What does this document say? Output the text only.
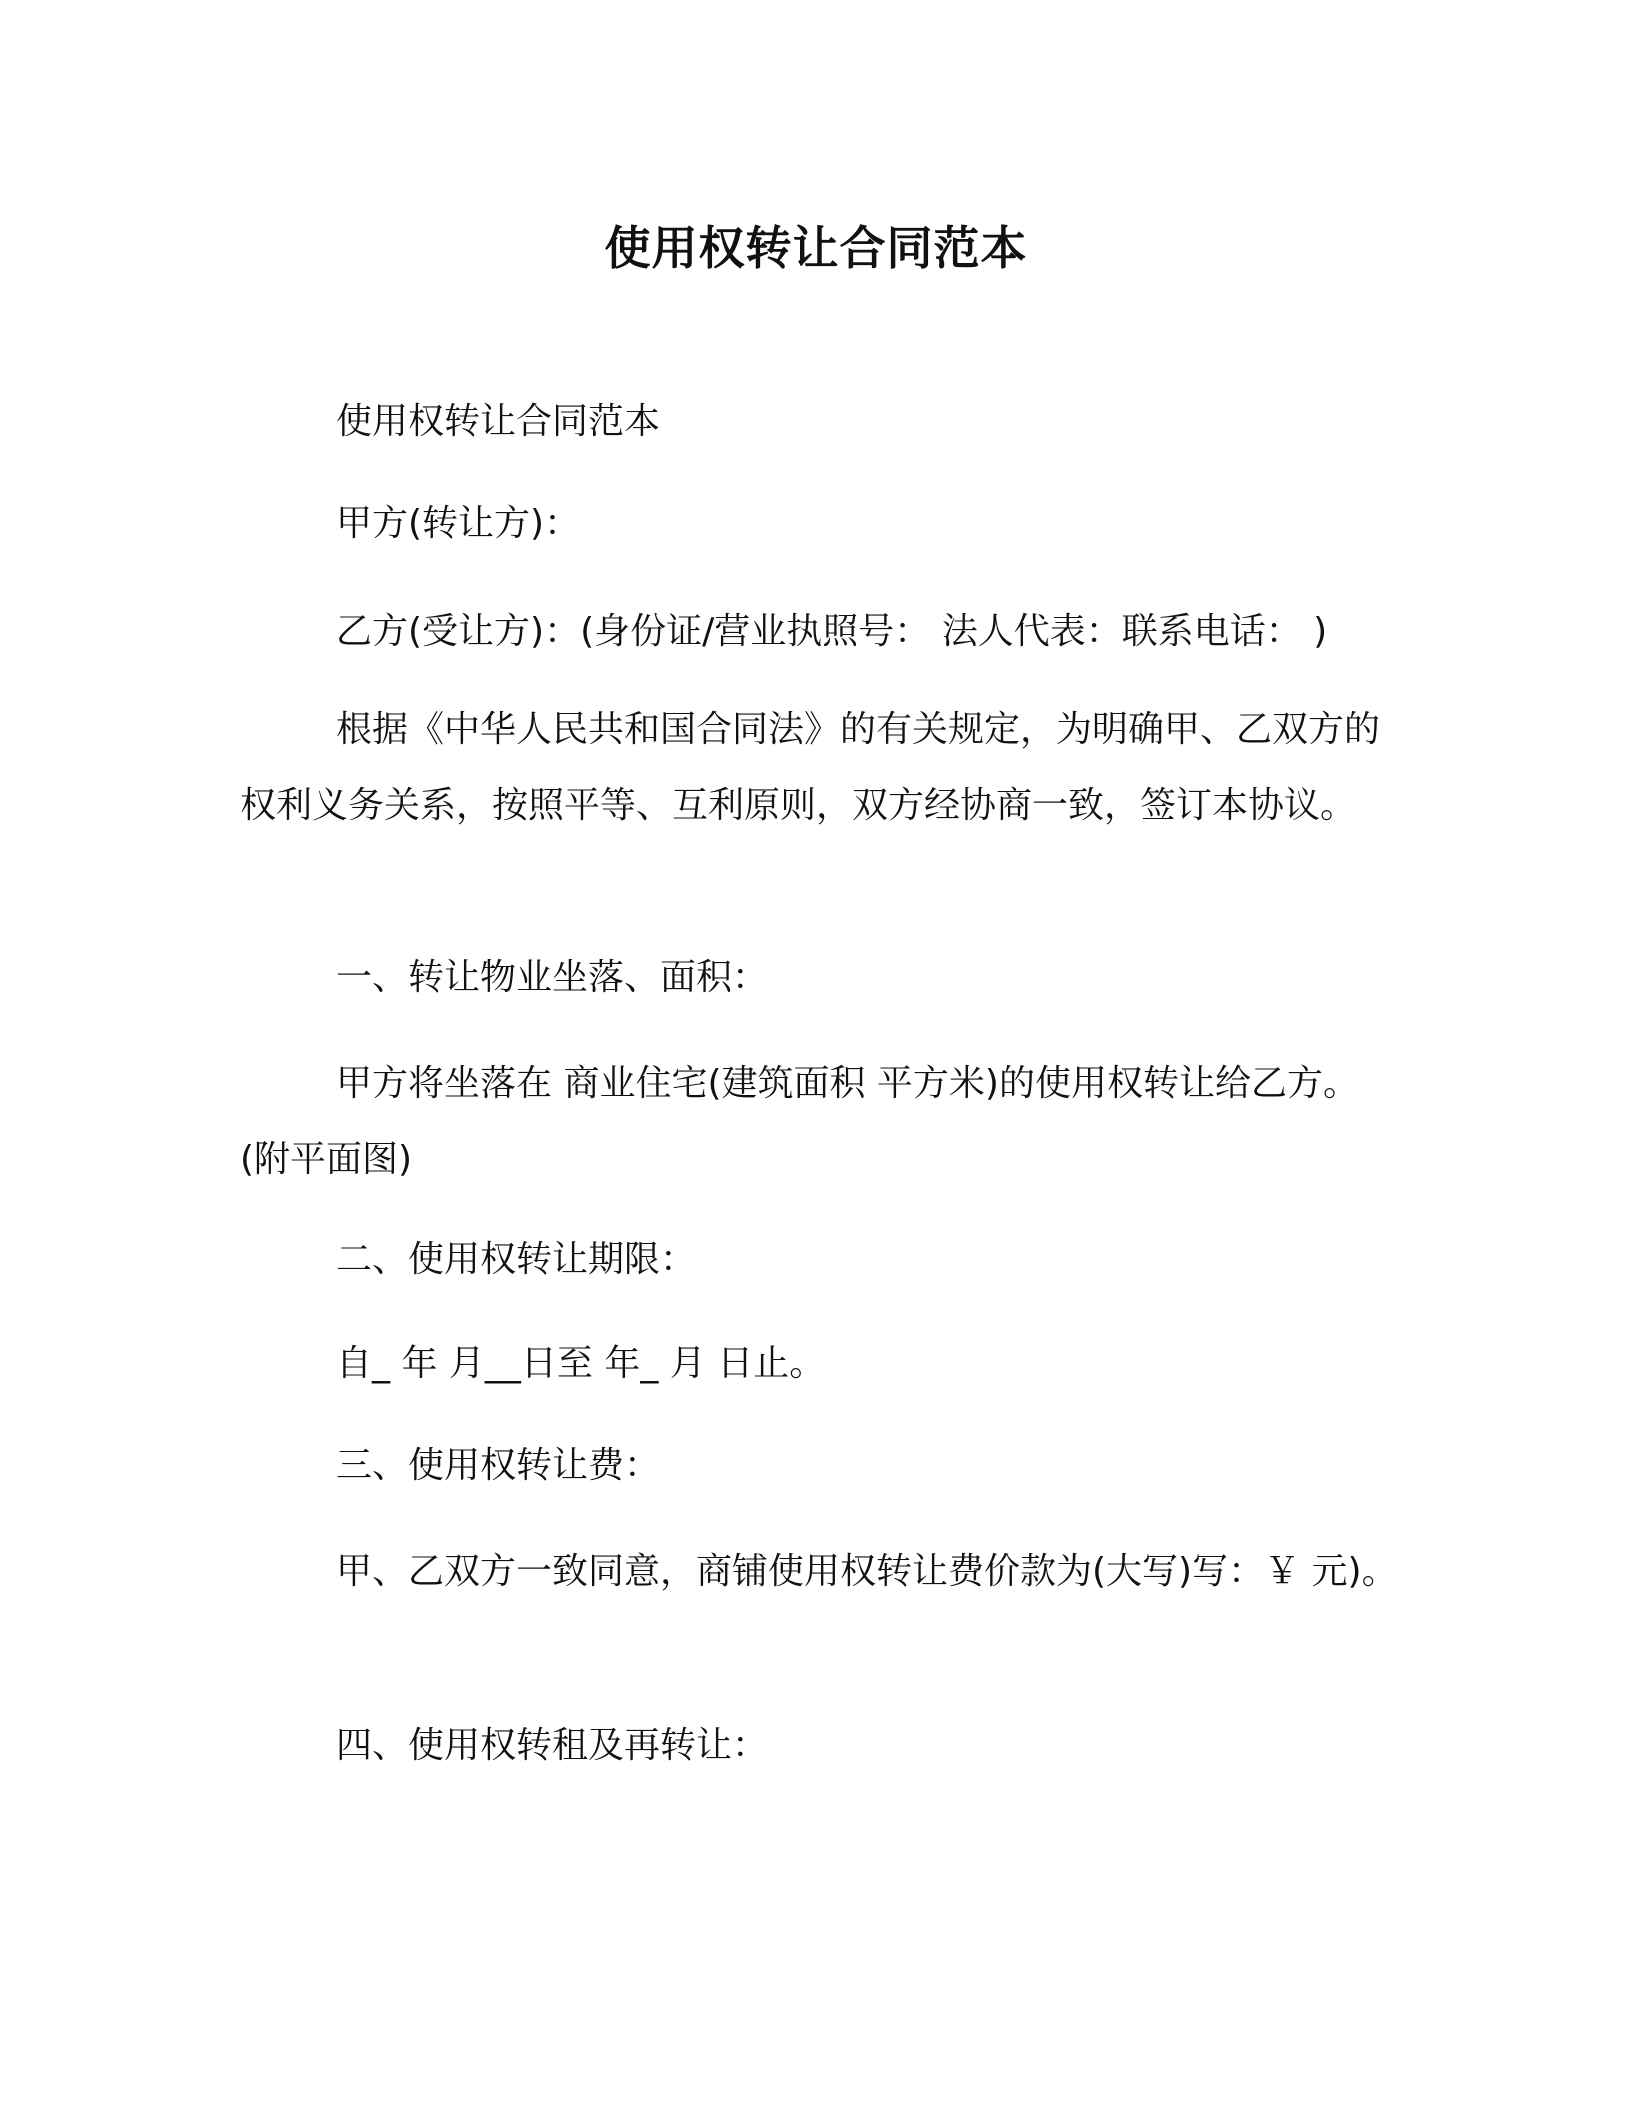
使用权转让合同范本
使用权转让合同范本
甲方(转让方)：
乙方(受让方)：(身份证/营业执照号： 法人代表：联系电话： )
根据《中华人民共和国合同法》的有关规定，为明确甲、乙双方的权利义务关系，按照平等、互利原则，双方经协商一致，签订本协议。
一、转让物业坐落、面积：
甲方将坐落在 商业住宅(建筑面积 平方米)的使用权转让给乙方。(附平面图)
二、使用权转让期限：
自_ 年 月__日至 年_ 月 日止。
三、使用权转让费：
甲、乙双方一致同意，商铺使用权转让费价款为(大写)写：￥ 元)。
四、使用权转租及再转让：
